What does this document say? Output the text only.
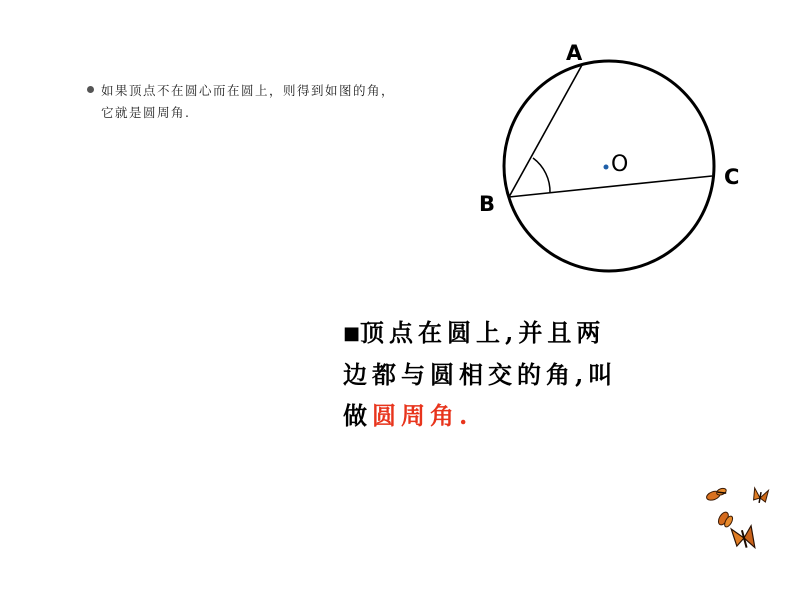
如果顶点不在圆心而在圆上，则得到如图的角，
它就是圆周角.
O
A
B
C
■顶点在圆上,并且两
边都与圆相交的角,叫
做圆周角.
